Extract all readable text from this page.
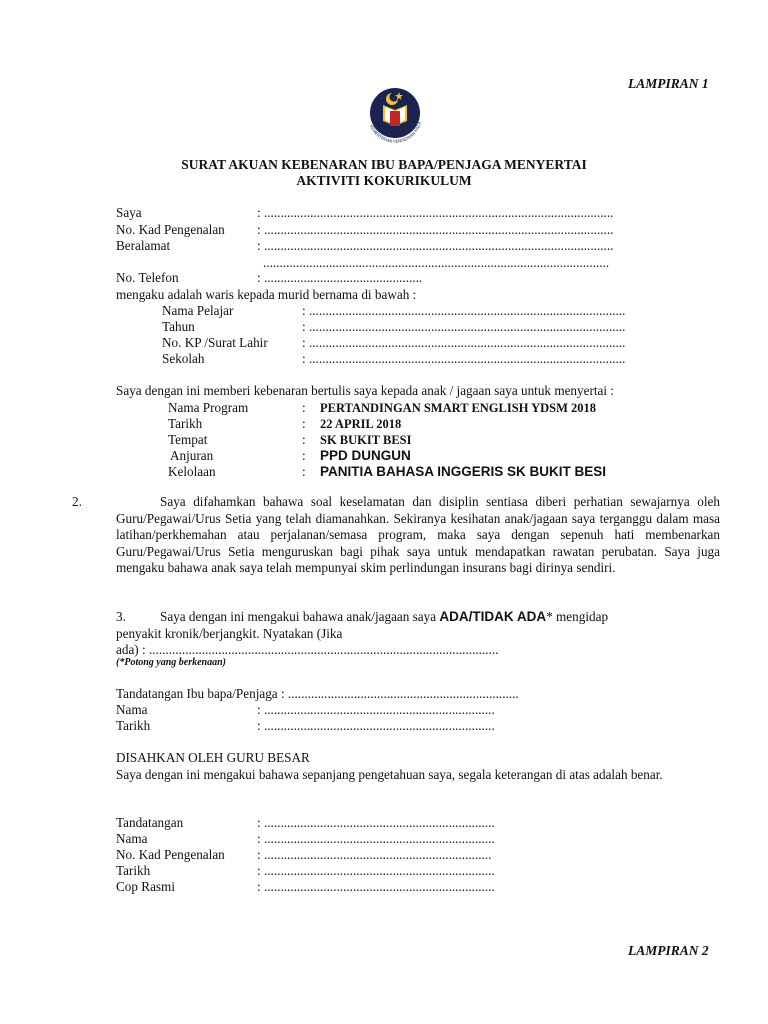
LAMPIRAN 1
KEMENTERIAN PENDIDIKAN MALA
SURAT AKUAN KEBENARAN IBU BAPA/PENJAGA MENYERTAI
AKTIVITI KOKURIKULUM
Saya	: ..........................................................................................................
No. Kad Pengenalan : ..........................................................................................................
Beralamat	: ..........................................................................................................
.........................................................................................................
No. Telefon	: ................................................
mengaku adalah waris kepada murid bernama di bawah :
Nama Pelajar	: ................................................................................................
Tahun	: ................................................................................................
No. KP /Surat Lahir	: ................................................................................................
Sekolah	: ................................................................................................
Saya dengan ini memberi kebenaran bertulis saya kepada anak / jagaan saya untuk menyertai :
Nama Program	: PERTANDINGAN SMART ENGLISH YDSM 2018
Tarikh	: 22 APRIL 2018
Tempat	: SK BUKIT BESI
Anjuran	: PPD DUNGUN
Kelolaan	: PANITIA BAHASA INGGERIS SK BUKIT BESI
2.	Saya difahamkan bahawa soal keselamatan dan disiplin sentiasa diberi perhatian sewajarnya oleh Guru/Pegawai/Urus Setia yang telah diamanahkan. Sekiranya kesihatan anak/jagaan saya terganggu dalam masa latihan/perkhemahan atau perjalanan/semasa program, maka saya dengan sepenuh hati membenarkan Guru/Pegawai/Urus Setia menguruskan bagi pihak saya untuk mendapatkan rawatan perubatan. Saya juga mengaku bahawa anak saya telah mempunyai skim perlindungan insurans bagi dirinya sendiri.
3.	Saya dengan ini mengakui bahawa anak/jagaan saya ADA/TIDAK ADA* mengidap
penyakit kronik/berjangkit. Nyatakan (Jika
ada) : ..........................................................................................................
(*Potong yang berkenaan)
Tandatangan Ibu bapa/Penjaga : ......................................................................
Nama	: ......................................................................
Tarikh	: ......................................................................
DISAHKAN OLEH GURU BESAR
Saya dengan ini mengakui bahawa sepanjang pengetahuan saya, segala keterangan di atas adalah benar.
Tandatangan	: ......................................................................
Nama	: ......................................................................
No. Kad Pengenalan : .....................................................................
Tarikh	: ......................................................................
Cop Rasmi	: ......................................................................
LAMPIRAN 2
